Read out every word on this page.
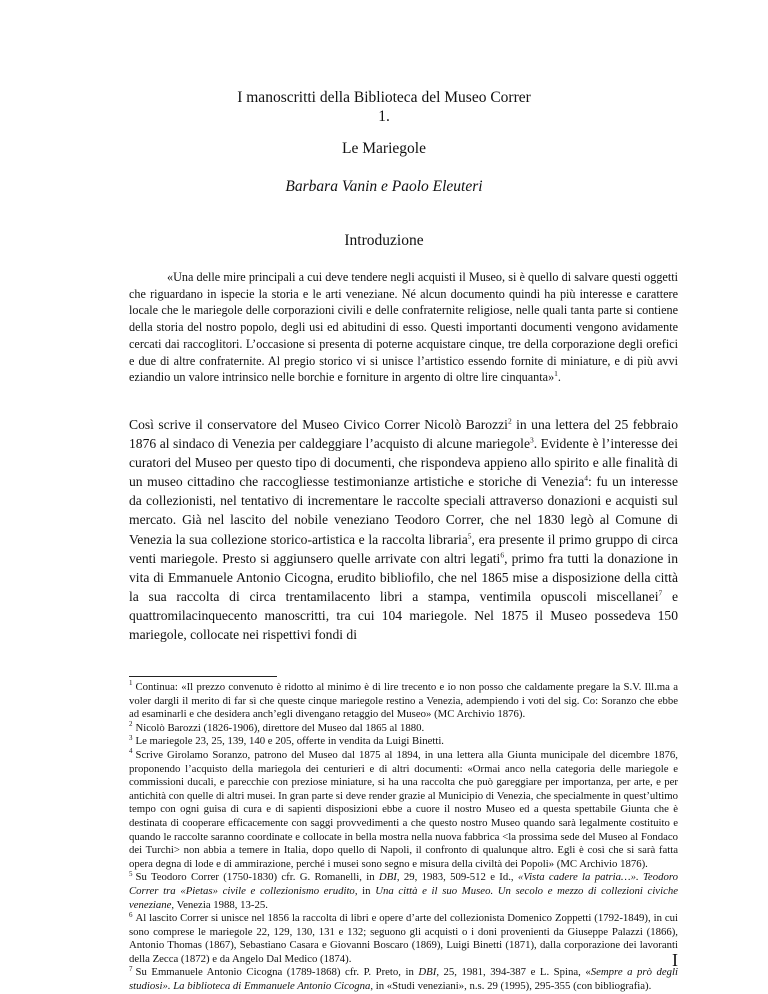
I manoscritti della Biblioteca del Museo Correr
1.
Le Mariegole
Barbara Vanin e Paolo Eleuteri
Introduzione
«Una delle mire principali a cui deve tendere negli acquisti il Museo, si è quello di salvare questi oggetti che riguardano in ispecie la storia e le arti veneziane. Né alcun documento quindi ha più interesse e carattere locale che le mariegole delle corporazioni civili e delle confraternite religiose, nelle quali tanta parte si contiene della storia del nostro popolo, degli usi ed abitudini di esso. Questi importanti documenti vengono avidamente cercati dai raccoglitori. L’occasione si presenta di poterne acquistare cinque, tre della corporazione degli orefici e due di altre confraternite. Al pregio storico vi si unisce l’artistico essendo fornite di miniature, e di più avvi eziandio un valore intrinsico nelle borchie e forniture in argento di oltre lire cinquanta»$^1$.
Così scrive il conservatore del Museo Civico Correr Nicolò Barozzi$^2$ in una lettera del 25 febbraio 1876 al sindaco di Venezia per caldeggiare l’acquisto di alcune mariegole$^3$. Evidente è l’interesse dei curatori del Museo per questo tipo di documenti, che rispondeva appieno allo spirito e alle finalità di un museo cittadino che raccogliesse testimonianze artistiche e storiche di Venezia$^4$: fu un interesse da collezionisti, nel tentativo di incrementare le raccolte speciali attraverso donazioni e acquisti sul mercato. Già nel lascito del nobile veneziano Teodoro Correr, che nel 1830 legò al Comune di Venezia la sua collezione storico-artistica e la raccolta libraria$^5$, era presente il primo gruppo di circa venti mariegole. Presto si aggiunsero quelle arrivate con altri legati$^6$, primo fra tutti la donazione in vita di Emmanuele Antonio Cicogna, erudito bibliofilo, che nel 1865 mise a disposizione della città la sua raccolta di circa trentamilacento libri a stampa, ventimila opuscoli miscellanei$^7$ e quattromilacinquecento manoscritti, tra cui 104 mariegole. Nel 1875 il Museo possedeva 150 mariegole, collocate nei rispettivi fondi di

$^1$ Continua: «Il prezzo convenuto è ridotto al minimo è di lire trecento e io non posso che caldamente pregare la S.V. Ill.ma a voler dargli il merito di far sì che queste cinque mariegole restino a Venezia, adempiendo i voti del sig. Co: Soranzo che ebbe ad esaminarli e che desidera anch’egli divengano retaggio del Museo» (MC Archivio 1876).

$^2$ Nicolò Barozzi (1826-1906), direttore del Museo dal 1865 al 1880.

$^3$ Le mariegole 23, 25, 139, 140 e 205, offerte in vendita da Luigi Binetti.

$^4$ Scrive Girolamo Soranzo, patrono del Museo dal 1875 al 1894, in una lettera alla Giunta municipale del dicembre 1876, proponendo l’acquisto della mariegola dei centurieri e di altri documenti: «Ormai anco nella categoria delle mariegole e commissioni ducali, e parecchie con preziose miniature, si ha una raccolta che può gareggiare per importanza, per arte, e per antichità con quelle di altri musei. In gran parte si deve render grazie al Municipio di Venezia, che specialmente in quest’ultimo tempo con ogni guisa di cura e di sapienti disposizioni ebbe a cuore il nostro Museo ed a questa spettabile Giunta che è destinata di cooperare efficacemente con saggi provvedimenti a che questo nostro Museo quando sarà legalmente costituito e quando le raccolte saranno coordinate e collocate in bella mostra nella nuova fabbrica <la prossima sede del Museo al Fondaco dei Turchi> non abbia a temere in Italia, dopo quello di Napoli, il confronto di qualunque altro. Egli è così che si sarà fatta opera degna di lode e di ammirazione, perché i musei sono segno e misura della civiltà dei Popoli» (MC Archivio 1876).

$^5$ Su Teodoro Correr (1750-1830) cfr. G. Romanelli, in DBI, 29, 1983, 509-512 e Id., «Vista cadere la patria…». Teodoro Correr tra «Pietas» civile e collezionismo erudito, in Una città e il suo Museo. Un secolo e mezzo di collezioni civiche veneziane, Venezia 1988, 13-25.

$^6$ Al lascito Correr si unisce nel 1856 la raccolta di libri e opere d’arte del collezionista Domenico Zoppetti (1792-1849), in cui sono comprese le mariegole 22, 129, 130, 131 e 132; seguono gli acquisti o i doni provenienti da Giuseppe Palazzi (1866), Antonio Thomas (1867), Sebastiano Casara e Giovanni Boscaro (1869), Luigi Binetti (1871), dalla corporazione dei lavoranti della Zecca (1872) e da Angelo Dal Medico (1874).

$^7$ Su Emmanuele Antonio Cicogna (1789-1868) cfr. P. Preto, in DBI, 25, 1981, 394-387 e L. Spina, «Sempre a prò degli studiosi». La biblioteca di Emmanuele Antonio Cicogna, in «Studi veneziani», n.s. 29 (1995), 295-355 (con bibliografia).

I
